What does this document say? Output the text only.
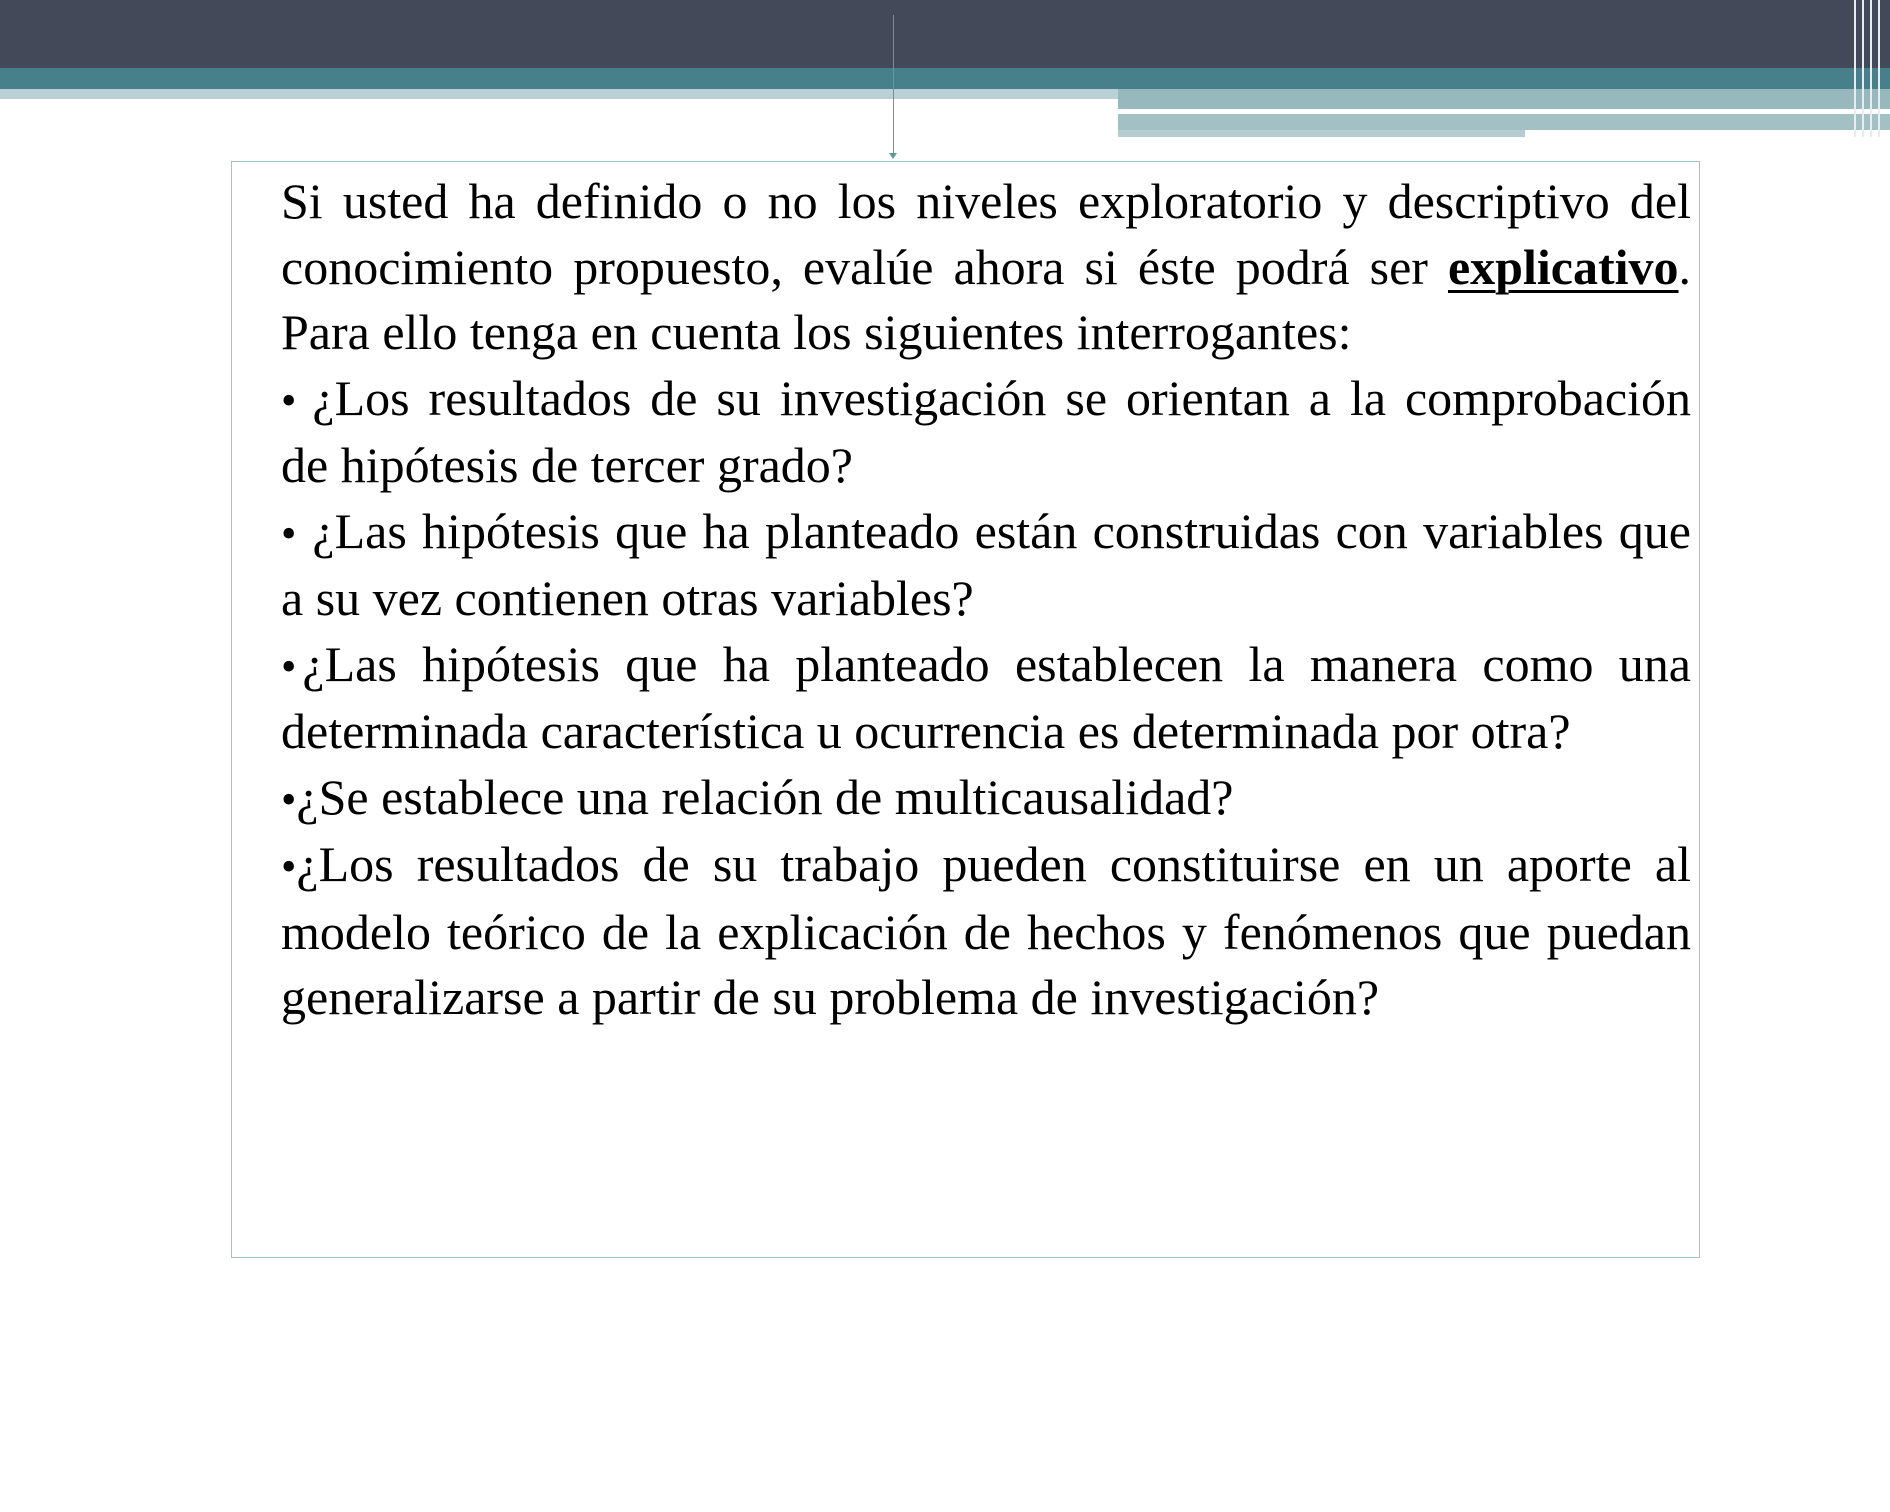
Si usted ha definido o no los niveles exploratorio y descriptivo del conocimiento propuesto, evalúe ahora si éste podrá ser explicativo. Para ello tenga en cuenta los siguientes interrogantes:

• ¿Los resultados de su investigación se orientan a la comprobación de hipótesis de tercer grado?

• ¿Las hipótesis que ha planteado están construidas con variables que a su vez contienen otras variables?

• ¿Las hipótesis que ha planteado establecen la manera como una determinada característica u ocurrencia es determinada por otra?

•¿Se establece una relación de multicausalidad?

•¿Los resultados de su trabajo pueden constituirse en un aporte al modelo teórico de la explicación de hechos y fenómenos que puedan generalizarse a partir de su problema de investigación?
